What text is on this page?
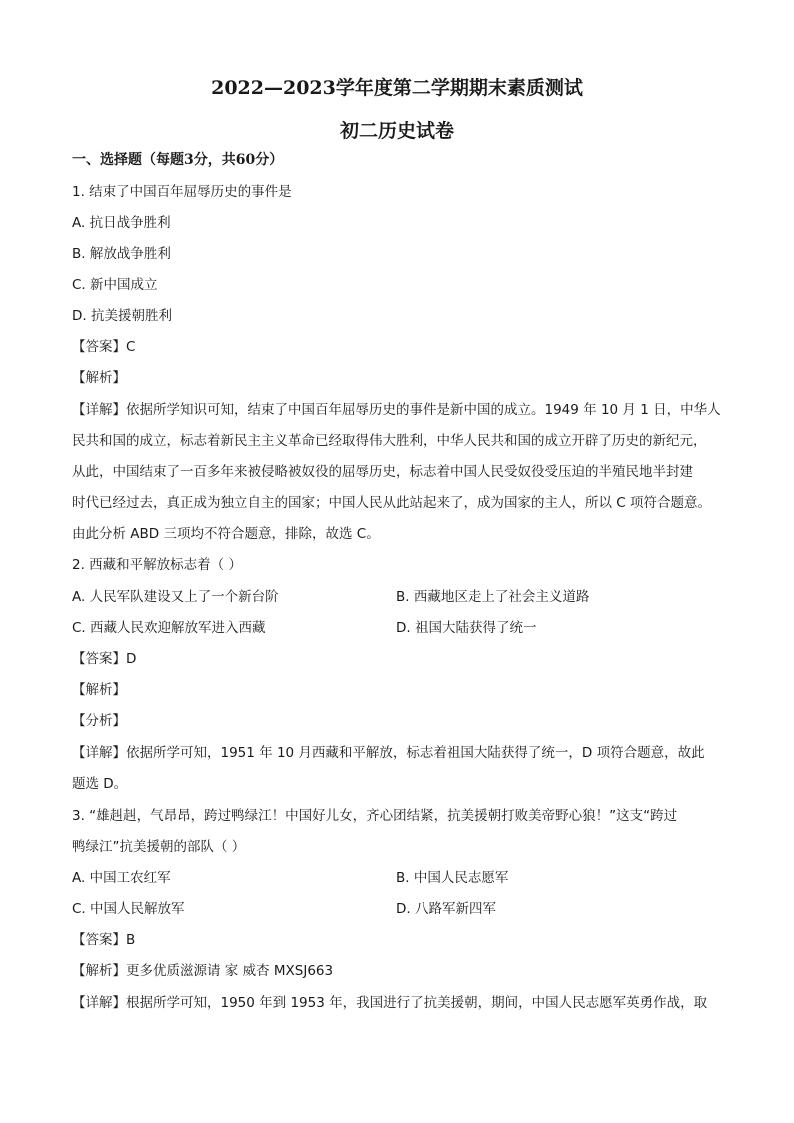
2022—2023学年度第二学期期末素质测试
初二历史试卷
一、选择题（每题3分，共60分）
1. 结束了中国百年屈辱历史的事件是
A. 抗日战争胜利
B. 解放战争胜利
C. 新中国成立
D. 抗美援朝胜利
【答案】C
【解析】
【详解】依据所学知识可知，结束了中国百年屈辱历史的事件是新中国的成立。1949 年 10 月 1 日，中华人
民共和国的成立，标志着新民主主义革命已经取得伟大胜利，中华人民共和国的成立开辟了历史的新纪元，
从此，中国结束了一百多年来被侵略被奴役的屈辱历史，标志着中国人民受奴役受压迫的半殖民地半封建
时代已经过去，真正成为独立自主的国家；中国人民从此站起来了，成为国家的主人，所以 C 项符合题意。
由此分析 ABD 三项均不符合题意，排除，故选 C。
2. 西藏和平解放标志着（ ）
A. 人民军队建设又上了一个新台阶	B. 西藏地区走上了社会主义道路
C. 西藏人民欢迎解放军进入西藏	D. 祖国大陆获得了统一
【答案】D
【解析】
【分析】
【详解】依据所学可知，1951 年 10 月西藏和平解放，标志着祖国大陆获得了统一，D 项符合题意，故此
题选 D。
3. “雄赳赳，气昂昂，跨过鸭绿江！中国好儿女，齐心团结紧，抗美援朝打败美帝野心狼！”这支“跨过
鸭绿江”抗美援朝的部队（ ）
A. 中国工农红军	B. 中国人民志愿军
C. 中国人民解放军	D. 八路军新四军
【答案】B
【解析】更多优质滋源请 家 威杏 MXSJ663
【详解】根据所学可知，1950 年到 1953 年，我国进行了抗美援朝，期间，中国人民志愿军英勇作战，取
